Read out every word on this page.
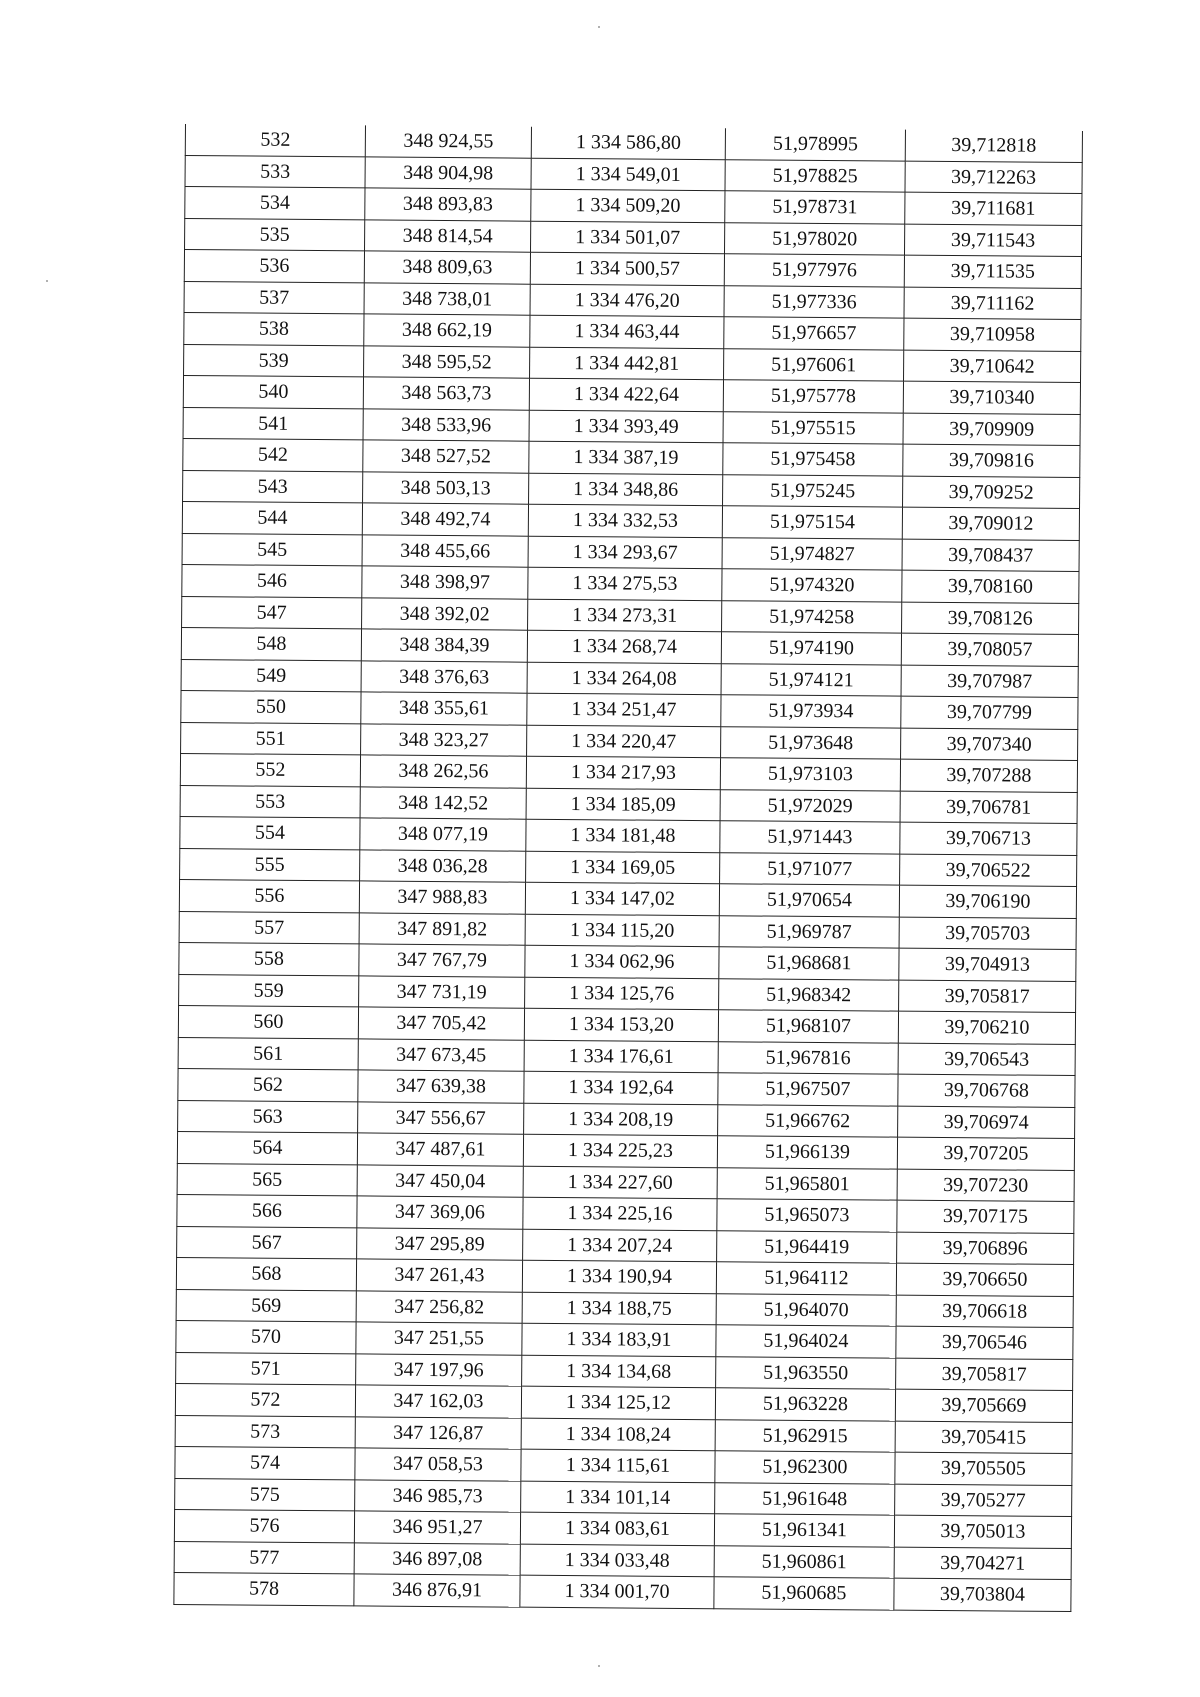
532	348 924,55	1 334 586,80	51,978995	39,712818
533	348 904,98	1 334 549,01	51,978825	39,712263
534	348 893,83	1 334 509,20	51,978731	39,711681
535	348 814,54	1 334 501,07	51,978020	39,711543
536	348 809,63	1 334 500,57	51,977976	39,711535
537	348 738,01	1 334 476,20	51,977336	39,711162
538	348 662,19	1 334 463,44	51,976657	39,710958
539	348 595,52	1 334 442,81	51,976061	39,710642
540	348 563,73	1 334 422,64	51,975778	39,710340
541	348 533,96	1 334 393,49	51,975515	39,709909
542	348 527,52	1 334 387,19	51,975458	39,709816
543	348 503,13	1 334 348,86	51,975245	39,709252
544	348 492,74	1 334 332,53	51,975154	39,709012
545	348 455,66	1 334 293,67	51,974827	39,708437
546	348 398,97	1 334 275,53	51,974320	39,708160
547	348 392,02	1 334 273,31	51,974258	39,708126
548	348 384,39	1 334 268,74	51,974190	39,708057
549	348 376,63	1 334 264,08	51,974121	39,707987
550	348 355,61	1 334 251,47	51,973934	39,707799
551	348 323,27	1 334 220,47	51,973648	39,707340
552	348 262,56	1 334 217,93	51,973103	39,707288
553	348 142,52	1 334 185,09	51,972029	39,706781
554	348 077,19	1 334 181,48	51,971443	39,706713
555	348 036,28	1 334 169,05	51,971077	39,706522
556	347 988,83	1 334 147,02	51,970654	39,706190
557	347 891,82	1 334 115,20	51,969787	39,705703
558	347 767,79	1 334 062,96	51,968681	39,704913
559	347 731,19	1 334 125,76	51,968342	39,705817
560	347 705,42	1 334 153,20	51,968107	39,706210
561	347 673,45	1 334 176,61	51,967816	39,706543
562	347 639,38	1 334 192,64	51,967507	39,706768
563	347 556,67	1 334 208,19	51,966762	39,706974
564	347 487,61	1 334 225,23	51,966139	39,707205
565	347 450,04	1 334 227,60	51,965801	39,707230
566	347 369,06	1 334 225,16	51,965073	39,707175
567	347 295,89	1 334 207,24	51,964419	39,706896
568	347 261,43	1 334 190,94	51,964112	39,706650
569	347 256,82	1 334 188,75	51,964070	39,706618
570	347 251,55	1 334 183,91	51,964024	39,706546
571	347 197,96	1 334 134,68	51,963550	39,705817
572	347 162,03	1 334 125,12	51,963228	39,705669
573	347 126,87	1 334 108,24	51,962915	39,705415
574	347 058,53	1 334 115,61	51,962300	39,705505
575	346 985,73	1 334 101,14	51,961648	39,705277
576	346 951,27	1 334 083,61	51,961341	39,705013
577	346 897,08	1 334 033,48	51,960861	39,704271
578	346 876,91	1 334 001,70	51,960685	39,703804
